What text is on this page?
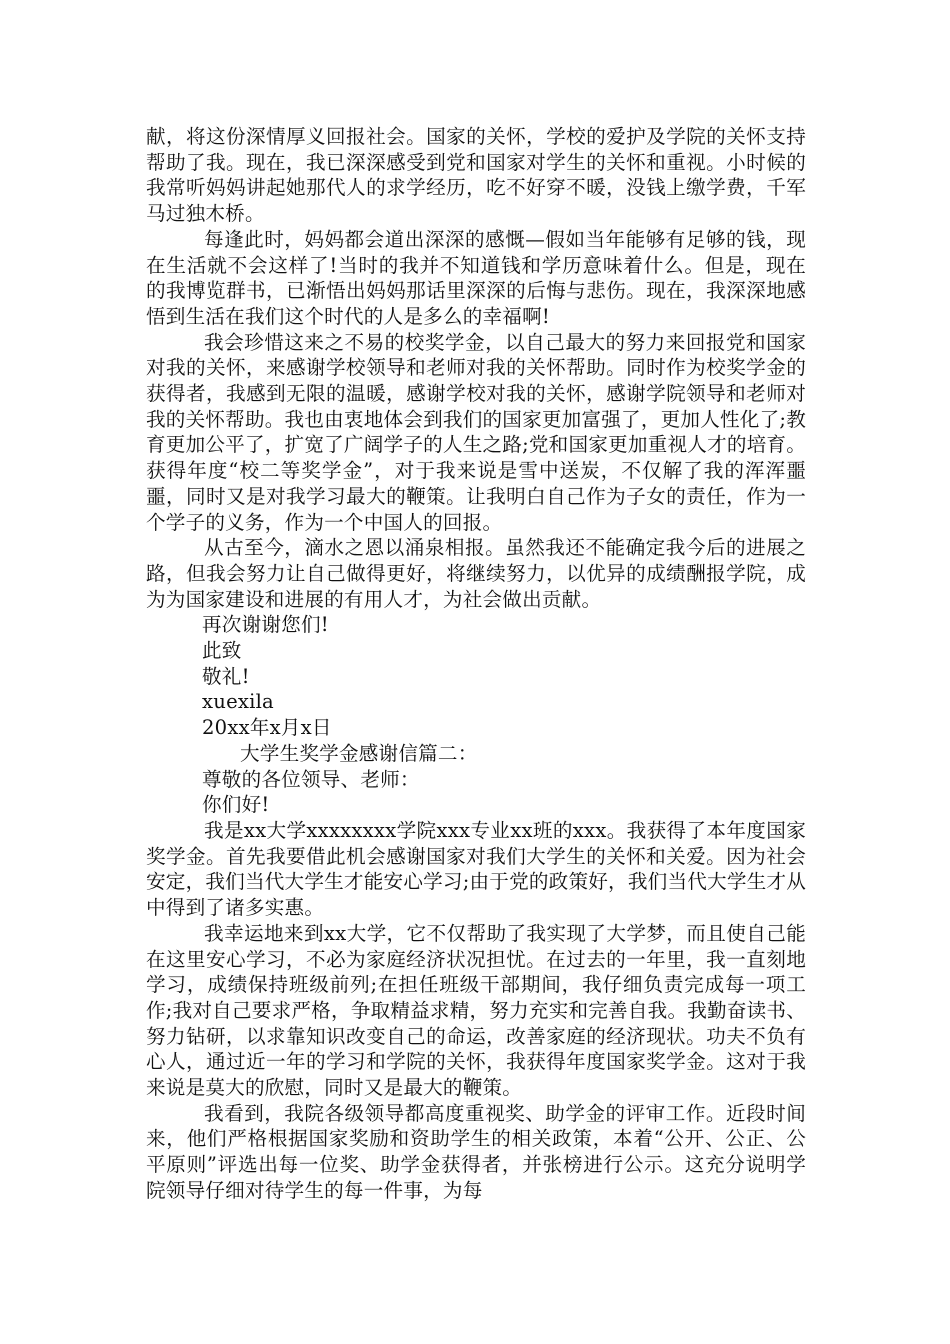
献，将这份深情厚义回报社会。国家的关怀，学校的爱护及学院的关怀支持帮助了我。现在，我已深深感受到党和国家对学生的关怀和重视。小时候的我常听妈妈讲起她那代人的求学经历，吃不好穿不暖，没钱上缴学费，千军马过独木桥。

每逢此时，妈妈都会道出深深的感慨—假如当年能够有足够的钱，现在生活就不会这样了!当时的我并不知道钱和学历意味着什么。但是，现在的我博览群书，已渐悟出妈妈那话里深深的后悔与悲伤。现在，我深深地感悟到生活在我们这个时代的人是多么的幸福啊!

我会珍惜这来之不易的校奖学金，以自己最大的努力来回报党和国家对我的关怀，来感谢学校领导和老师对我的关怀帮助。同时作为校奖学金的获得者，我感到无限的温暖，感谢学校对我的关怀，感谢学院领导和老师对我的关怀帮助。我也由衷地体会到我们的国家更加富强了，更加人性化了;教育更加公平了，扩宽了广阔学子的人生之路;党和国家更加重视人才的培育。获得年度“校二等奖学金”，对于我来说是雪中送炭，不仅解了我的浑浑噩噩，同时又是对我学习最大的鞭策。让我明白自己作为子女的责任，作为一个学子的义务，作为一个中国人的回报。

从古至今，滴水之恩以涌泉相报。虽然我还不能确定我今后的进展之路，但我会努力让自己做得更好，将继续努力，以优异的成绩酬报学院，成为为国家建设和进展的有用人才，为社会做出贡献。

再次谢谢您们!

此致

敬礼!

xuexila

20xx年x月x日

大学生奖学金感谢信篇二：

尊敬的各位领导、老师：

你们好!

我是xx大学xxxxxxxx学院xxx专业xx班的xxx。我获得了本年度国家奖学金。首先我要借此机会感谢国家对我们大学生的关怀和关爱。因为社会安定，我们当代大学生才能安心学习;由于党的政策好，我们当代大学生才从中得到了诸多实惠。

我幸运地来到xx大学，它不仅帮助了我实现了大学梦，而且使自己能在这里安心学习，不必为家庭经济状况担忧。在过去的一年里，我一直刻地学习，成绩保持班级前列;在担任班级干部期间，我仔细负责完成每一项工作;我对自己要求严格，争取精益求精，努力充实和完善自我。我勤奋读书、努力钻研，以求靠知识改变自己的命运，改善家庭的经济现状。功夫不负有心人，通过近一年的学习和学院的关怀，我获得年度国家奖学金。这对于我来说是莫大的欣慰，同时又是最大的鞭策。

我看到，我院各级领导都高度重视奖、助学金的评审工作。近段时间来，他们严格根据国家奖励和资助学生的相关政策，本着“公开、公正、公平原则”评选出每一位奖、助学金获得者，并张榜进行公示。这充分说明学院领导仔细对待学生的每一件事，为每
